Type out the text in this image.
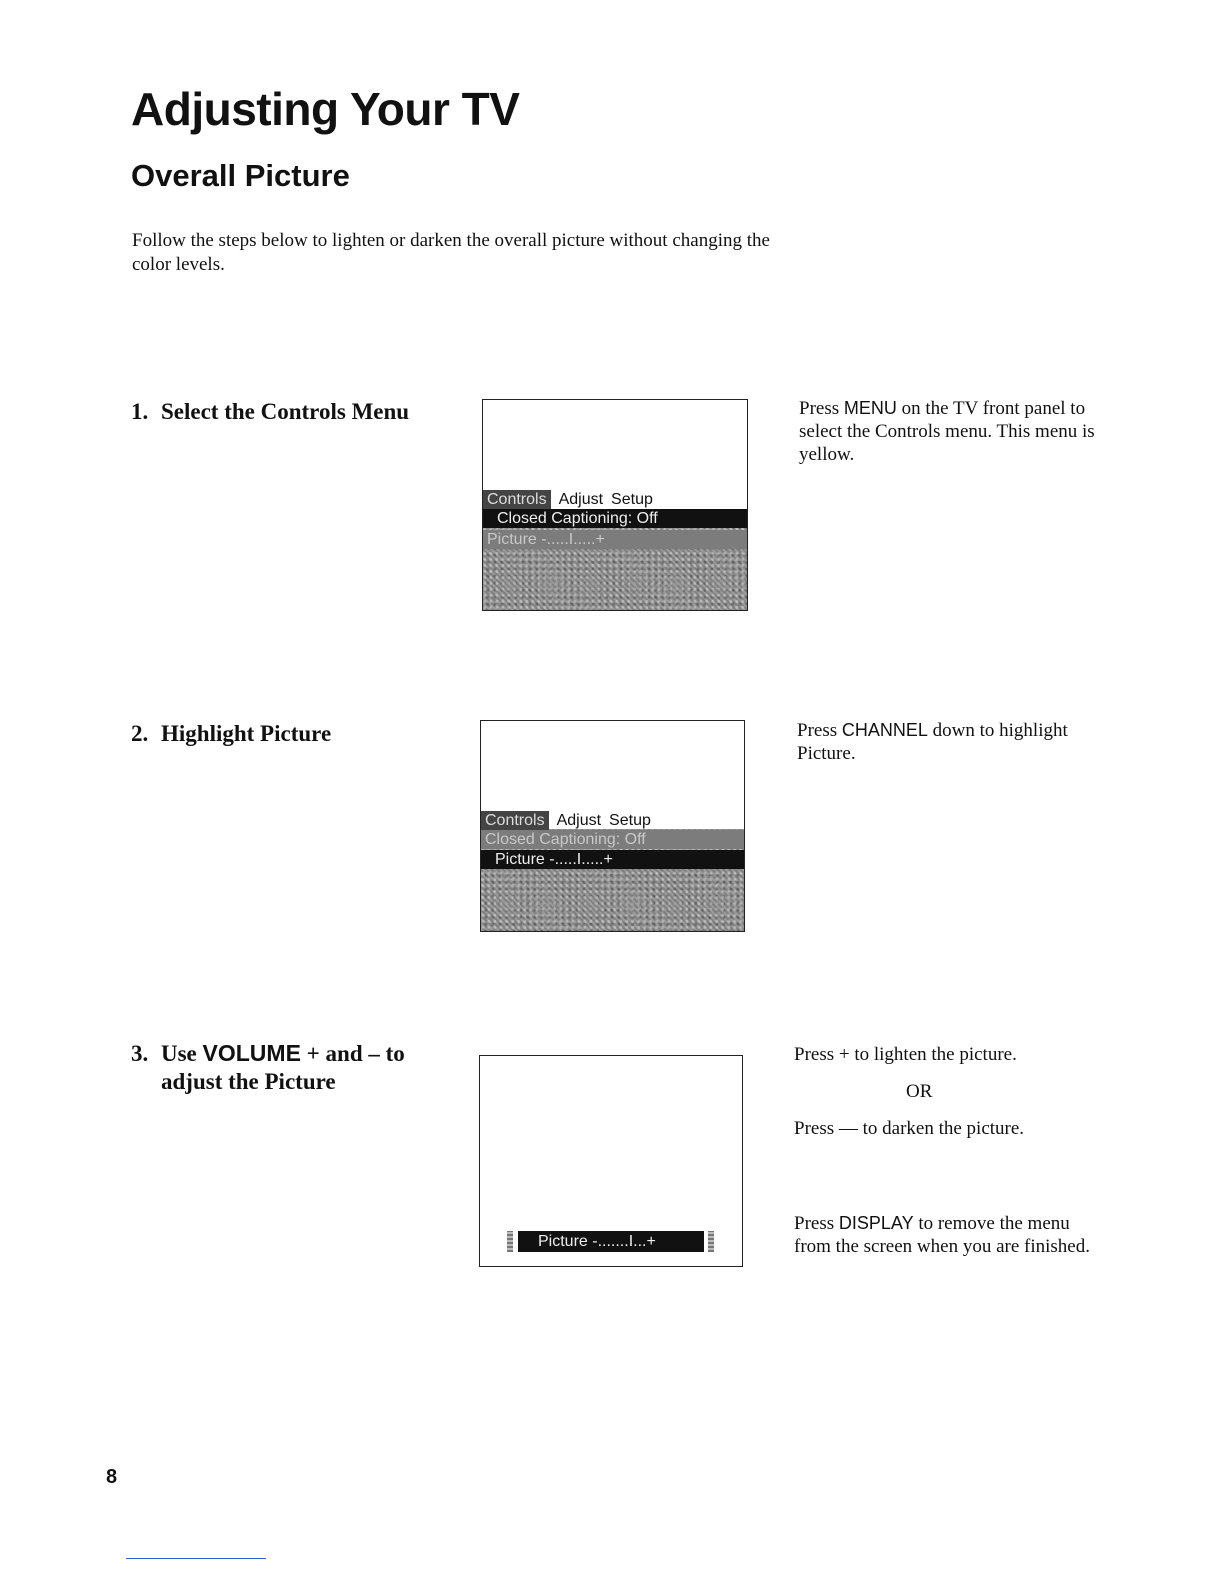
Adjusting Your TV
Overall Picture
Follow the steps below to lighten or darken the overall picture without changing the color levels.
1. Select the Controls Menu
Controls Adjust Setup
Closed Captioning: Off
Picture -.....I.....+
Press MENU on the TV front panel to select the Controls menu. This menu is yellow.
2. Highlight Picture
Controls Adjust Setup
Closed Captioning: Off
Picture -.....I.....+
Press CHANNEL down to highlight Picture.
3. Use VOLUME + and – to
adjust the Picture
Picture -.......I...+
Press + to lighten the picture.
OR
Press — to darken the picture.
Press DISPLAY to remove the menu from the screen when you are finished.
8
